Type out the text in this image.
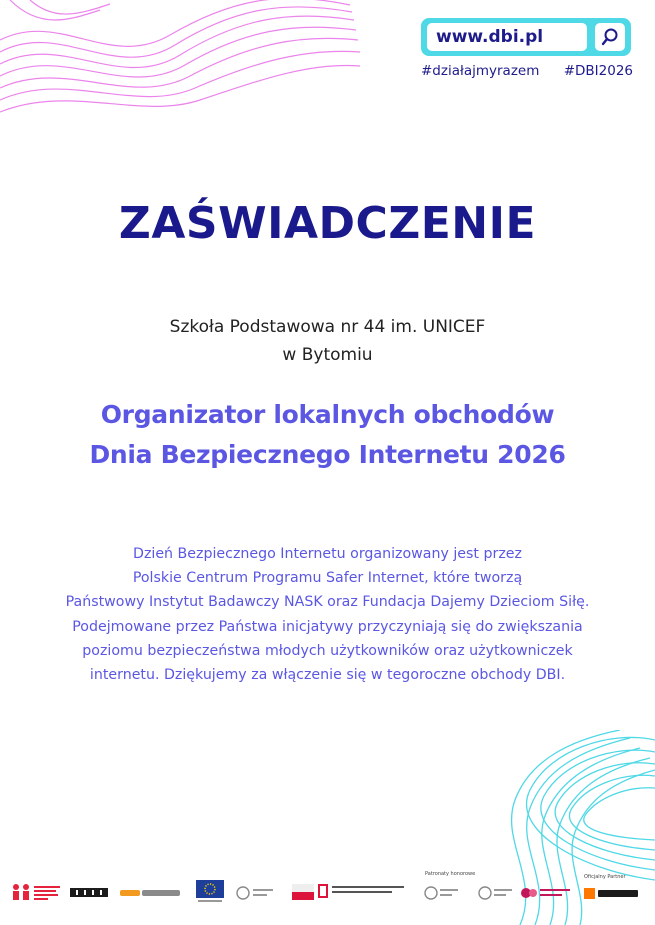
www.dbi.pl
#działajmyrazem #DBI2026
ZAŚWIADCZENIE
Szkoła Podstawowa nr 44 im. UNICEF
w Bytomiu
Organizator lokalnych obchodów
Dnia Bezpiecznego Internetu 2026
Dzień Bezpiecznego Internetu organizowany jest przez
Polskie Centrum Programu Safer Internet, które tworzą
Państwowy Instytut Badawczy NASK oraz Fundacja Dajemy Dzieciom Siłę.
Podejmowane przez Państwa inicjatywy przyczyniają się do zwiększania
poziomu bezpieczeństwa młodych użytkowników oraz użytkowniczek
internetu. Dziękujemy za włączenie się w tegoroczne obchody DBI.
Patronaty honorowe	Oficjalny Partner
